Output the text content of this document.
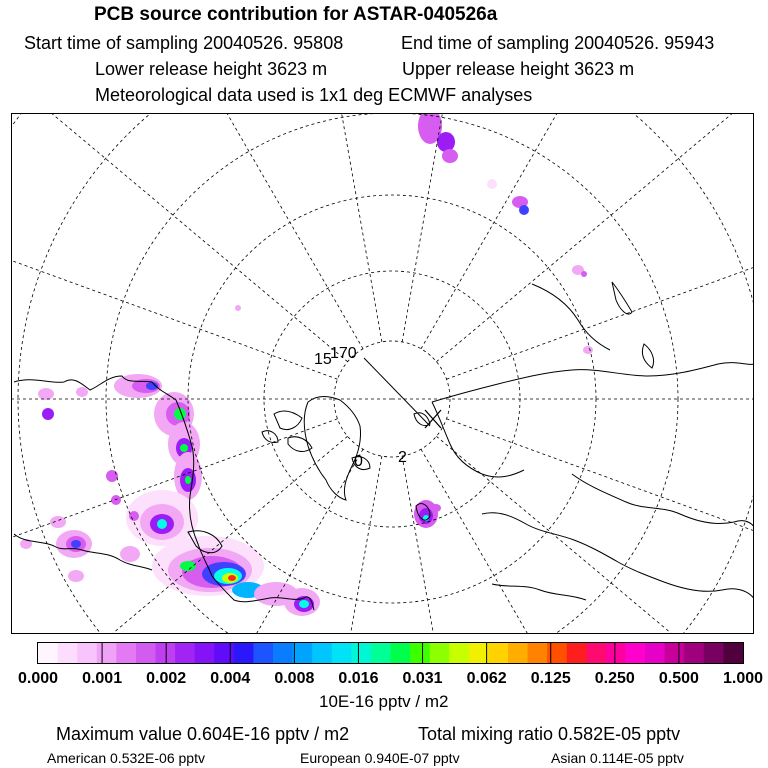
PCB source contribution for ASTAR-040526a
Start time of sampling 20040526. 95808	End time of sampling 20040526. 95943
Lower release height 3623 m	Upper release height 3623 m
Meteorological data used is 1x1 deg ECMWF analyses
15
170
0 2
0.000 0.001 0.002 0.004 0.008 0.016 0.031 0.062 0.125 0.250 0.500 1.000
10E-16 pptv / m2
Maximum value 0.604E-16 pptv / m2	Total mixing ratio 0.582E-05 pptv
American 0.532E-06 pptv	European 0.940E-07 pptv	Asian 0.114E-05 pptv
